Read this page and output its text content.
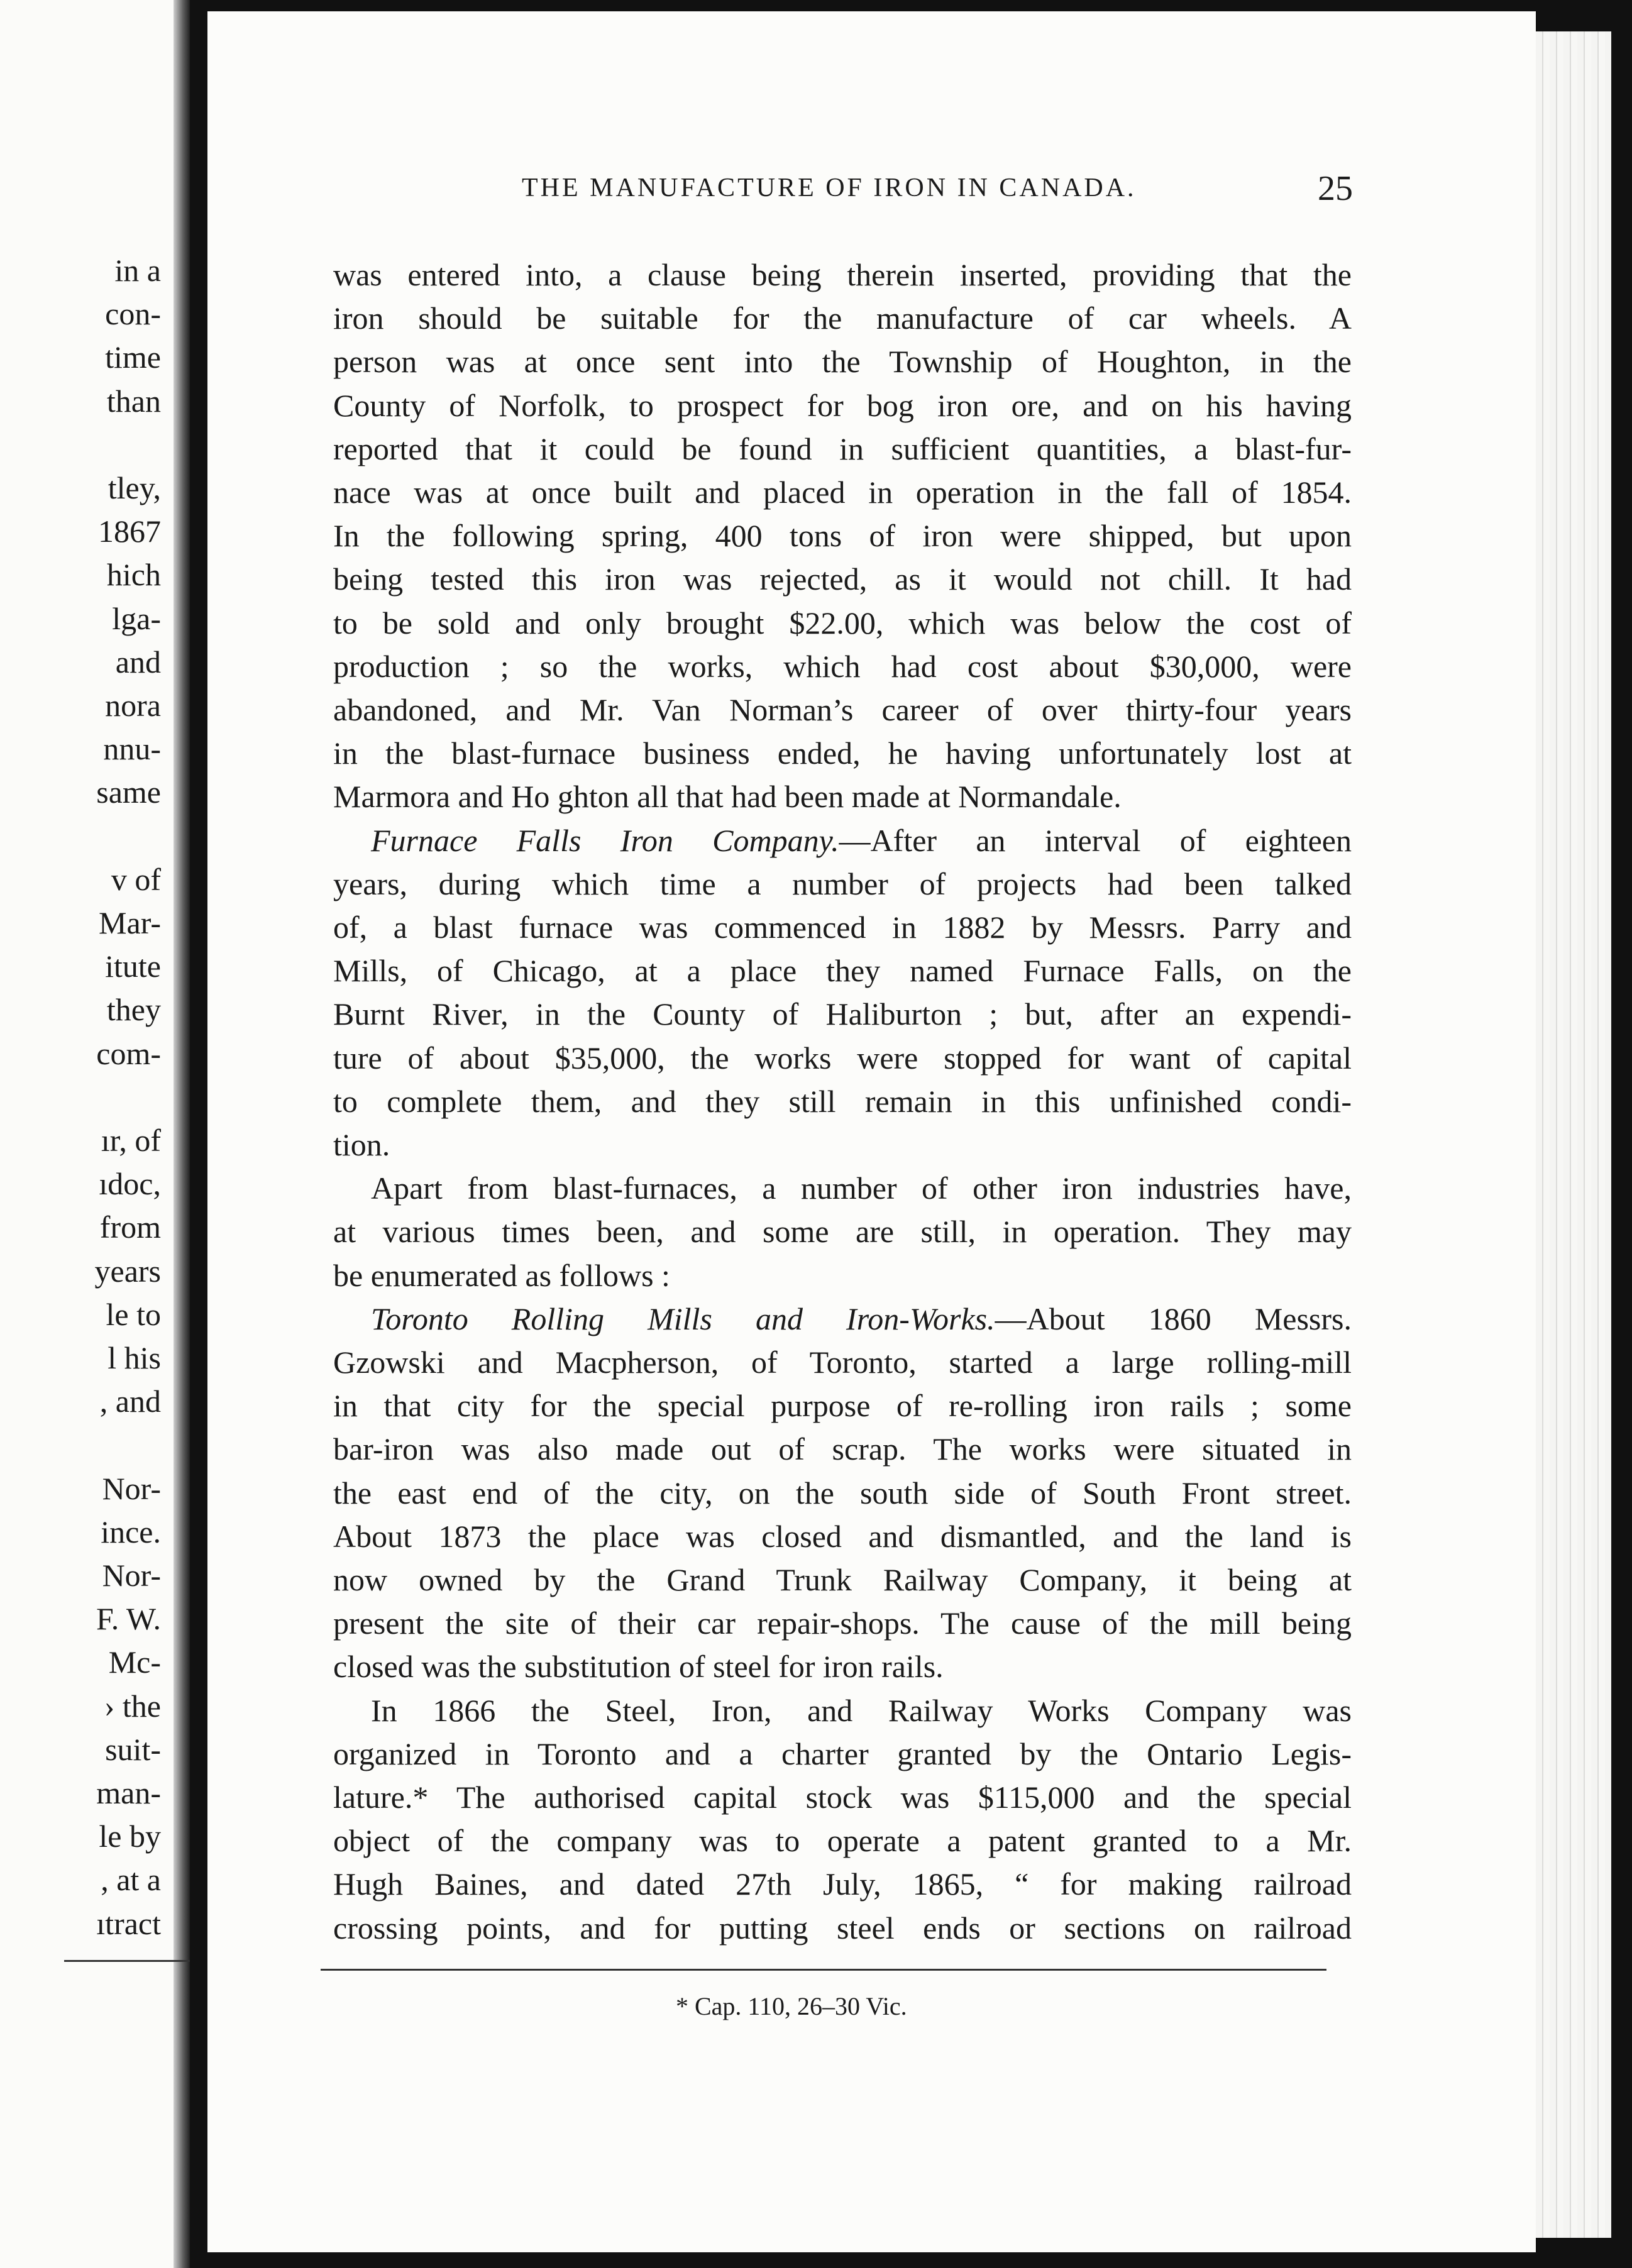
in a
con-
time
than
tley,
1867
hich
lga-
and
nora
nnu-
same
v of
Mar-
itute
they
com-
ır, of
ıdoc,
from
years
le to
l his
, and
Nor-
ince.
Nor-
F. W.
Mc-
› the
suit-
man-
le by
, at a
ıtract
THE MANUFACTURE OF IRON IN CANADA.	25
was entered into, a clause being therein inserted, providing that the
iron should be suitable for the manufacture of car wheels. A
person was at once sent into the Township of Houghton, in the
County of Norfolk, to prospect for bog iron ore, and on his having
reported that it could be found in sufficient quantities, a blast-fur-
nace was at once built and placed in operation in the fall of 1854.
In the following spring, 400 tons of iron were shipped, but upon
being tested this iron was rejected, as it would not chill. It had
to be sold and only brought $22.00, which was below the cost of
production ; so the works, which had cost about $30,000, were
abandoned, and Mr. Van Norman’s career of over thirty-four years
in the blast-furnace business ended, he having unfortunately lost at
Marmora and Ho ghton all that had been made at Normandale.
Furnace Falls Iron Company.—After an interval of eighteen
years, during which time a number of projects had been talked
of, a blast furnace was commenced in 1882 by Messrs. Parry and
Mills, of Chicago, at a place they named Furnace Falls, on the
Burnt River, in the County of Haliburton ; but, after an expendi-
ture of about $35,000, the works were stopped for want of capital
to complete them, and they still remain in this unfinished condi-
tion.
Apart from blast-furnaces, a number of other iron industries have,
at various times been, and some are still, in operation. They may
be enumerated as follows :
Toronto Rolling Mills and Iron-Works.—About 1860 Messrs.
Gzowski and Macpherson, of Toronto, started a large rolling-mill
in that city for the special purpose of re-rolling iron rails ; some
bar-iron was also made out of scrap. The works were situated in
the east end of the city, on the south side of South Front street.
About 1873 the place was closed and dismantled, and the land is
now owned by the Grand Trunk Railway Company, it being at
present the site of their car repair-shops. The cause of the mill being
closed was the substitution of steel for iron rails.
In 1866 the Steel, Iron, and Railway Works Company was
organized in Toronto and a charter granted by the Ontario Legis-
lature.* The authorised capital stock was $115,000 and the special
object of the company was to operate a patent granted to a Mr.
Hugh Baines, and dated 27th July, 1865, “ for making railroad
crossing points, and for putting steel ends or sections on railroad
* Cap. 110, 26–30 Vic.
